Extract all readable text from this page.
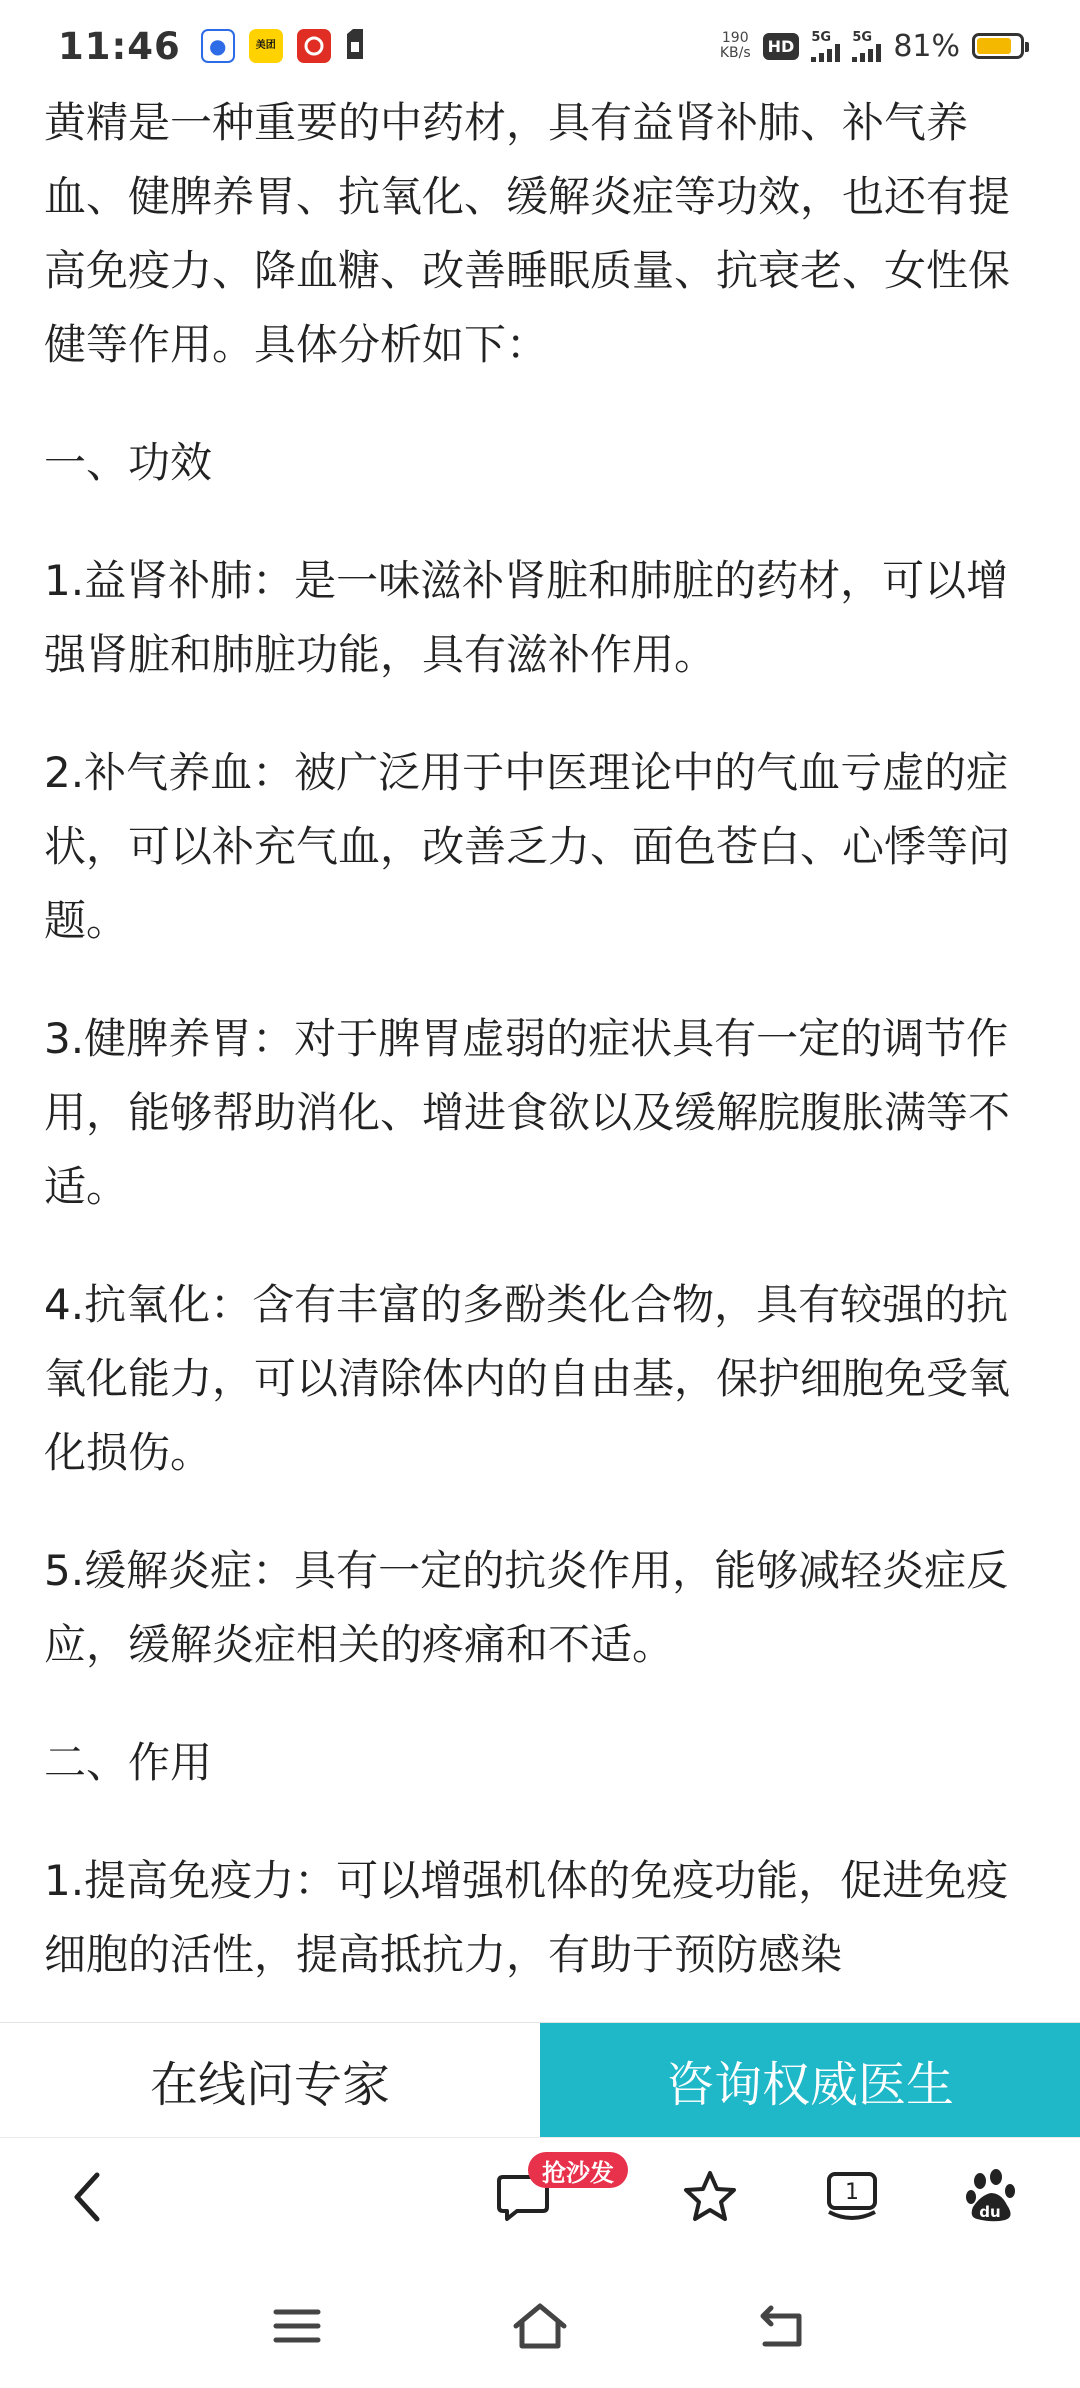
11:46	●	美团	190
KB/s	HD	5G 5G 81%

黄精是一种重要的中药材，具有益肾补肺、补气养血、健脾养胃、抗氧化、缓解炎症等功效，也还有提高免疫力、降血糖、改善睡眠质量、抗衰老、女性保健等作用。具体分析如下：

一、功效

1.益肾补肺：是一味滋补肾脏和肺脏的药材，可以增强肾脏和肺脏功能，具有滋补作用。

2.补气养血：被广泛用于中医理论中的气血亏虚的症状，可以补充气血，改善乏力、面色苍白、心悸等问题。

3.健脾养胃：对于脾胃虚弱的症状具有一定的调节作用，能够帮助消化、增进食欲以及缓解脘腹胀满等不适。

4.抗氧化：含有丰富的多酚类化合物，具有较强的抗氧化能力，可以清除体内的自由基，保护细胞免受氧化损伤。

5.缓解炎症：具有一定的抗炎作用，能够减轻炎症反应，缓解炎症相关的疼痛和不适。

二、作用

1.提高免疫力：可以增强机体的免疫功能，促进免疫细胞的活性，提高抵抗力，有助于预防感染

在线问专家	咨询权威医生
1
du
抢沙发
